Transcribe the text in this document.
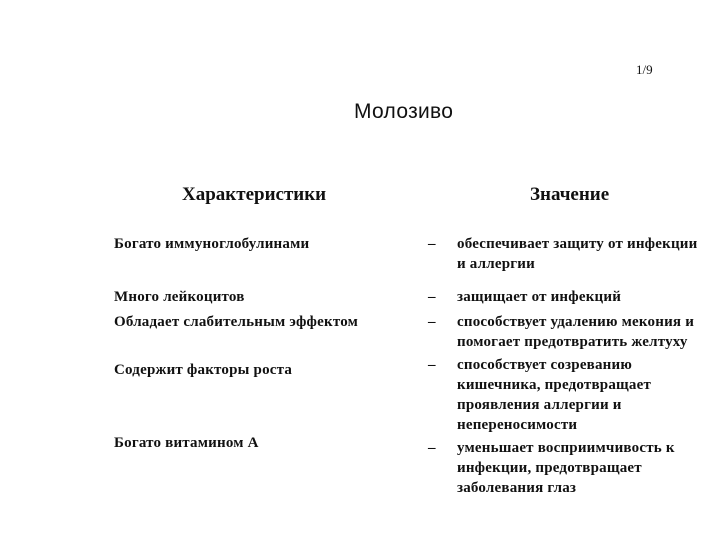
1/9
Молозиво
Характеристики	Значение
Богато иммуноглобулинами	– обеспечивает защиту от инфекции
и аллергии
Много лейкоцитов	– защищает от инфекций
Обладает слабительным эффектом	– способствует удалению мекония и
помогает предотвратить желтуху
Содержит факторы роста	– способствует созреванию
кишечника, предотвращает
проявления аллергии и
непереносимости
Богато витамином А	– уменьшает восприимчивость к
инфекции, предотвращает
заболевания глаз
